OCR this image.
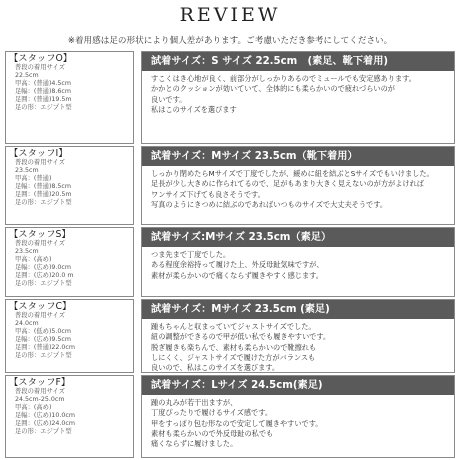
REVIEW
※着用感は足の形状により個人差があります。ご考慮いただき参考にしてください。
【スタッフO】
普段の着用サイズ
22.5cm
甲高：(普通)4.5cm
足幅：(普通)8.6cm
足囲：(普通)19.5m
足の形：エジプト型
試着サイズ：S サイズ 22.5cm　(素足、靴下着用)
すこくはき心地が良く、前部分がしっかりあるのでミュールでも安定感あります。
かかとのクッションが効いていて、全体的にも柔らかいので疲れづらいのが
良いです。
私はこのサイズを選びます
【スタッフI】
普段の着用サイズ
23.5cm
甲高：(普通)
足幅：(普通)8.5cm
足囲：(普通)20.5m
足の形：エジプト型
試着サイズ：Mサイズ 23.5cm（靴下着用）
しっかり閉めたらMサイズで丁度でしたが、緩めに紐を結ぶとSサイズでもいけました。
足長が少し大きめに作られてるので、足がもあまり大きく見えないのが方がよければ
ワンサイズ下げても良さそうです。
写真のようにきつめに結ぶのであればいつものサイズで大丈夫そうです。
【スタッフS】
普段の着用サイズ
23.5cm
甲高：(高め)
足幅：(広め)9.0cm
足囲：(広め)20.0 m
足の形：エジプト型
試着サイズ:Mサイズ 23.5cm（素足）
つま先まで丁度でした。
ある程度余裕持って履けた上、外反母趾気味ですが、
素材が柔らかいので痛くならず履きやすく感じます。
【スタッフC】
普段の着用サイズ
24.0cm
甲高：(低め)5.0cm
足幅：(広め)9.5cm
足囲：(普通)22.0cm
足の形：エジプト型
試着サイズ：Mサイズ 23.5cm (素足)
踵もちゃんと収まっていてジャストサイズでした。
紐の調整ができるので甲が低い私でも履きやすいです。
脱ぎ履きも楽ちんで、素材も柔らかいので靴擦れも
しにくく、ジャストサイズで履けた方がバランスも
良いので、私はこのサイズを選びます。
【スタッフF】
普段の着用サイズ
24.5cm-25.0cm
甲高：(高め)
足幅：(広め)10.0cm
足囲：(広め)24.0cm
足の形：エジプト型
試着サイズ：Lサイズ 24.5cm(素足)
踵の丸みが若干出ますが、
丁度ぴったりで履けるサイズ感です。
甲をすっぽり包む形なので安定して履きやすいです。
素材も柔らかいので外反母趾の私でも
痛くならずに履けました。
